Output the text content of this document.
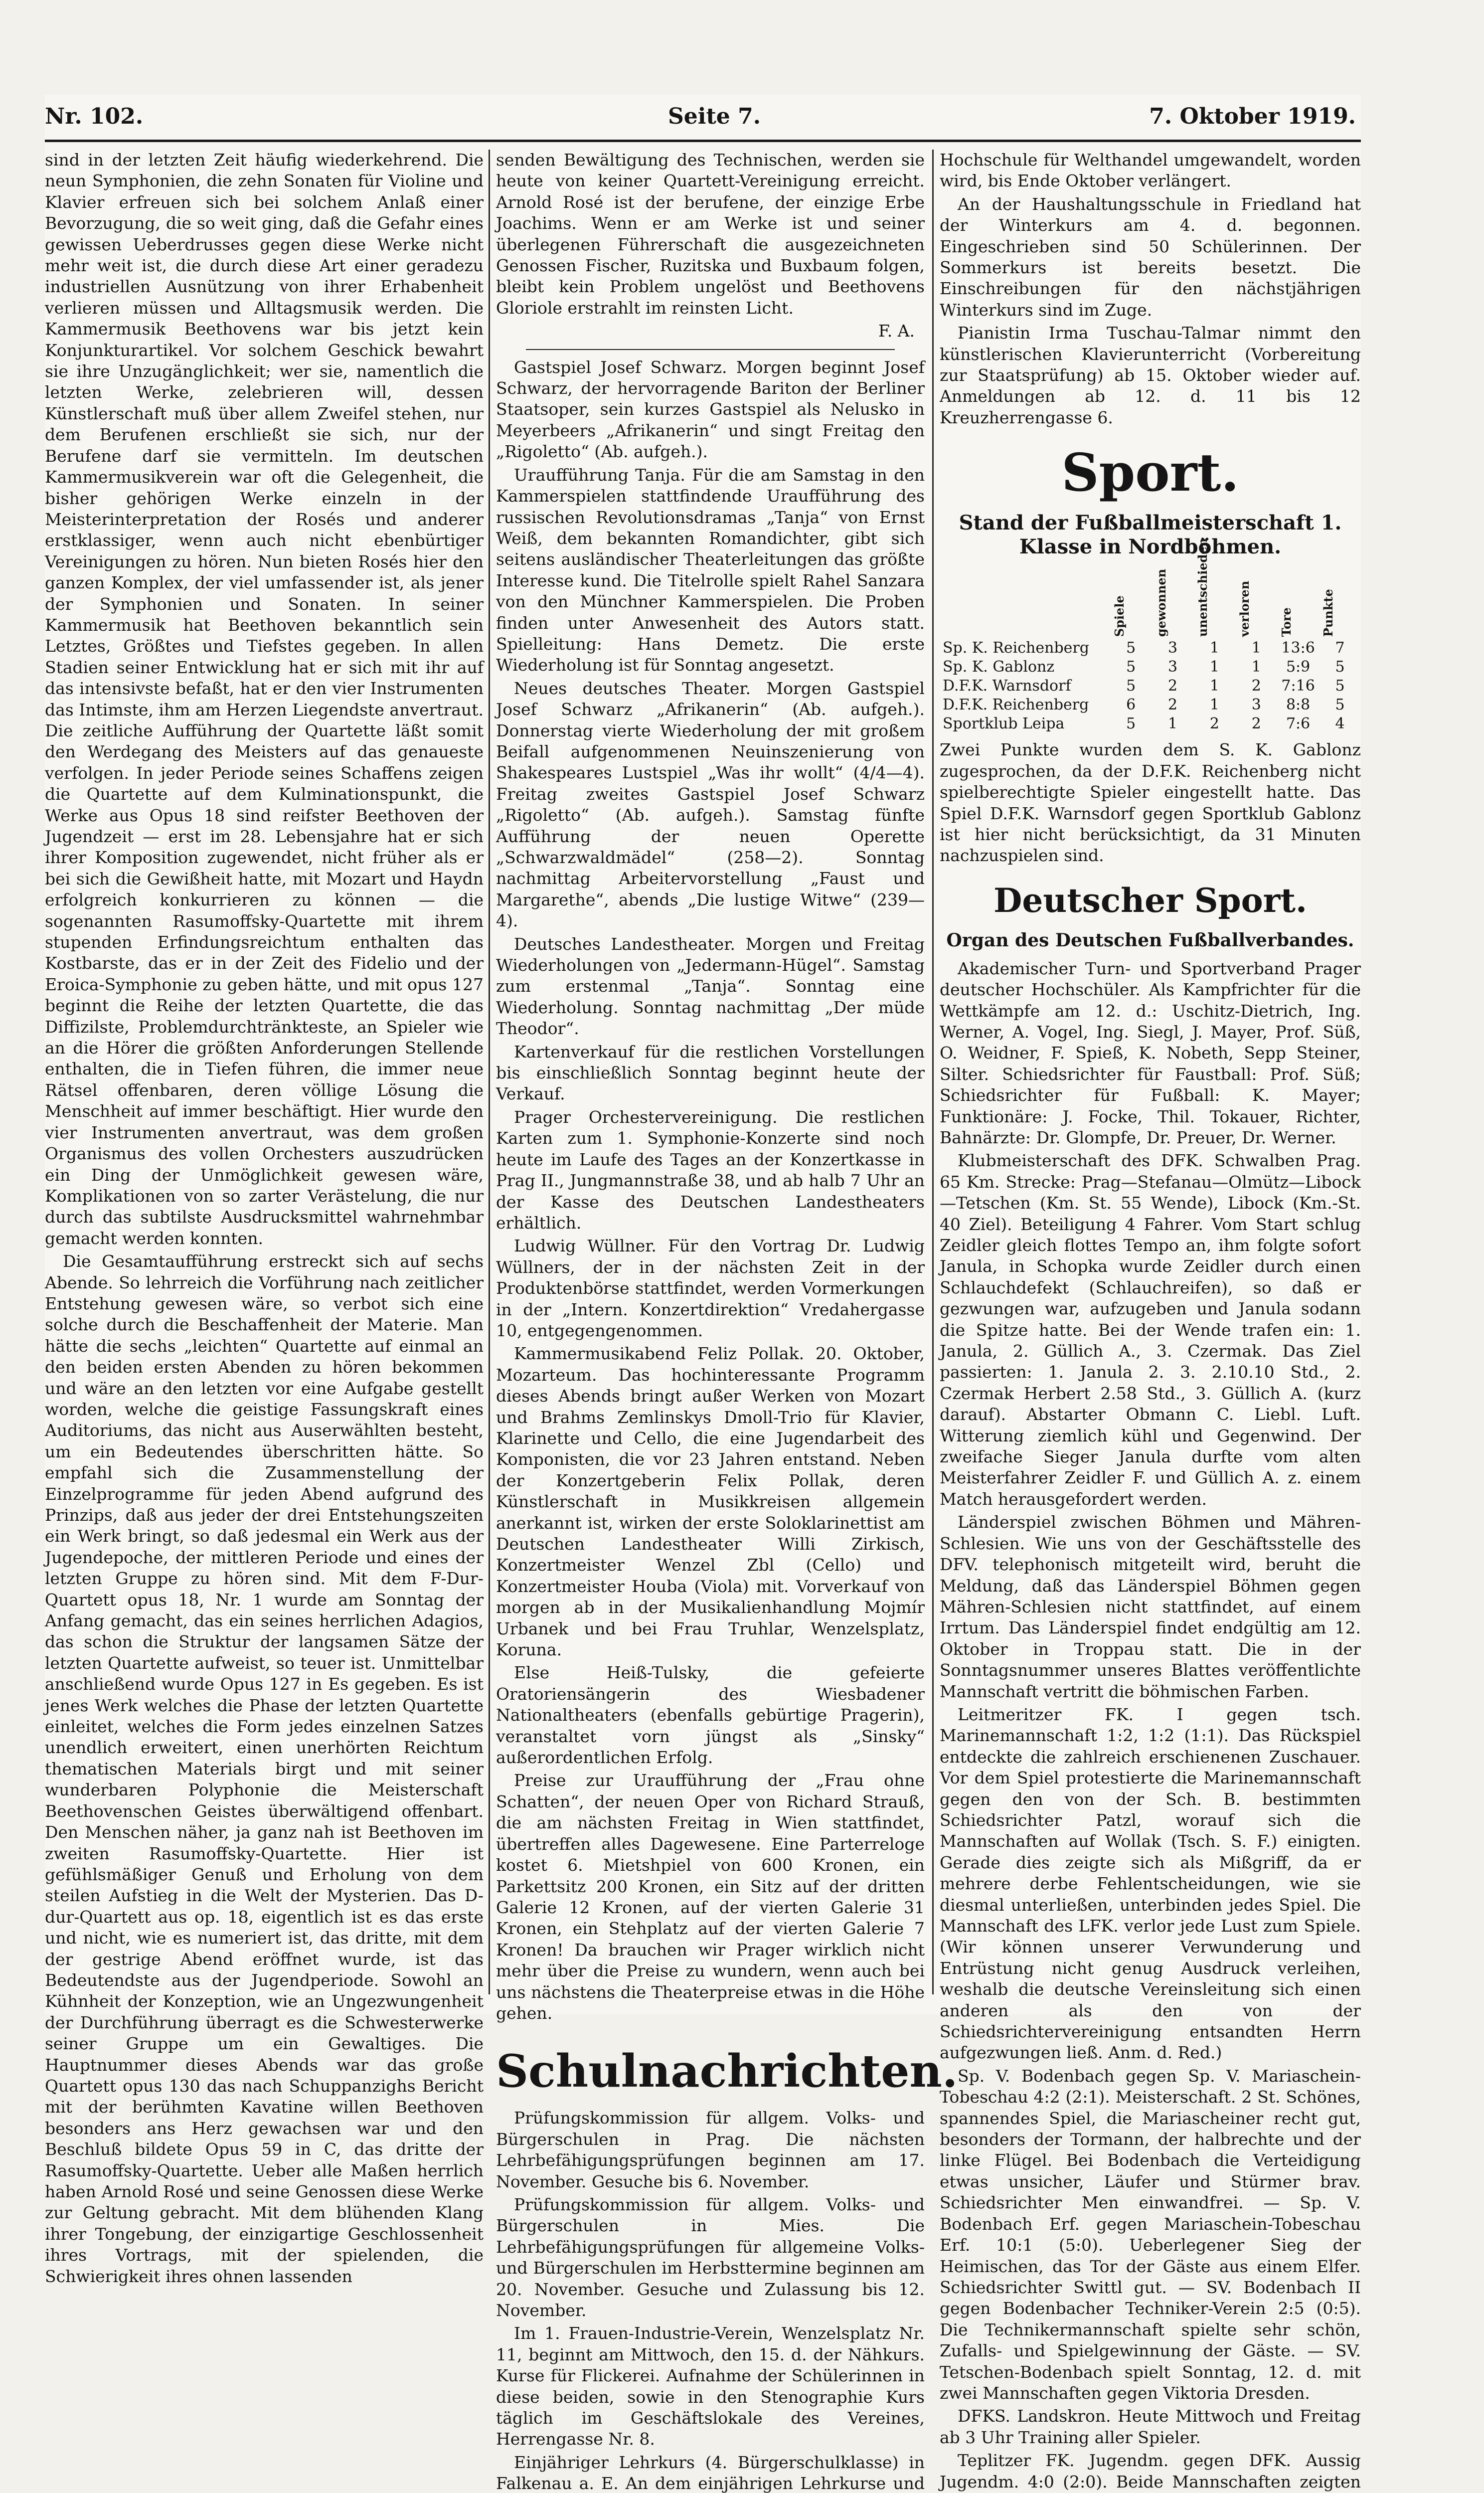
Nr. 102.	Seite 7.	7. Oktober 1919.

sind in der letzten Zeit häufig wiederkehrend. Die neun Symphonien, die zehn Sonaten für Violine und Klavier erfreuen sich bei solchem Anlaß einer Bevorzugung, die so weit ging, daß die Gefahr eines gewissen Ueberdrusses gegen diese Werke nicht mehr weit ist, die durch diese Art einer geradezu industriellen Ausnützung von ihrer Erhabenheit verlieren müssen und Alltagsmusik werden. Die Kammermusik Beethovens war bis jetzt kein Konjunkturartikel. Vor solchem Geschick bewahrt sie ihre Unzugänglichkeit; wer sie, namentlich die letzten Werke, zelebrieren will, dessen Künstlerschaft muß über allem Zweifel stehen, nur dem Berufenen erschließt sie sich, nur der Berufene darf sie vermitteln. Im deutschen Kammermusikverein war oft die Gelegenheit, die bisher gehörigen Werke einzeln in der Meisterinterpretation der Rosés und anderer erstklassiger, wenn auch nicht ebenbürtiger Vereinigungen zu hören. Nun bieten Rosés hier den ganzen Komplex, der viel umfassender ist, als jener der Symphonien und Sonaten. In seiner Kammermusik hat Beethoven bekanntlich sein Letztes, Größtes und Tiefstes gegeben. In allen Stadien seiner Entwicklung hat er sich mit ihr auf das intensivste befaßt, hat er den vier Instrumenten das Intimste, ihm am Herzen Liegendste anvertraut. Die zeitliche Aufführung der Quartette läßt somit den Werdegang des Meisters auf das genaueste verfolgen. In jeder Periode seines Schaffens zeigen die Quartette auf dem Kulminationspunkt, die Werke aus Opus 18 sind reifster Beethoven der Jugendzeit — erst im 28. Lebensjahre hat er sich ihrer Komposition zugewendet, nicht früher als er bei sich die Gewißheit hatte, mit Mozart und Haydn erfolgreich konkurrieren zu können — die sogenannten Rasumoffsky-Quartette mit ihrem stupenden Erfindungsreichtum enthalten das Kostbarste, das er in der Zeit des Fidelio und der Eroica-Symphonie zu geben hätte, und mit opus 127 beginnt die Reihe der letzten Quartette, die das Diffizilste, Problemdurchtränkteste, an Spieler wie an die Hörer die größten Anforderungen Stellende enthalten, die in Tiefen führen, die immer neue Rätsel offenbaren, deren völlige Lösung die Menschheit auf immer beschäftigt. Hier wurde den vier Instrumenten anvertraut, was dem großen Organismus des vollen Orchesters auszudrücken ein Ding der Unmöglichkeit gewesen wäre, Komplikationen von so zarter Verästelung, die nur durch das subtilste Ausdrucksmittel wahrnehmbar gemacht werden konnten.

Die Gesamtaufführung erstreckt sich auf sechs Abende. So lehrreich die Vorführung nach zeitlicher Entstehung gewesen wäre, so verbot sich eine solche durch die Beschaffenheit der Materie. Man hätte die sechs „leichten“ Quartette auf einmal an den beiden ersten Abenden zu hören bekommen und wäre an den letzten vor eine Aufgabe gestellt worden, welche die geistige Fassungskraft eines Auditoriums, das nicht aus Auserwählten besteht, um ein Bedeutendes überschritten hätte. So empfahl sich die Zusammenstellung der Einzelprogramme für jeden Abend aufgrund des Prinzips, daß aus jeder der drei Entstehungszeiten ein Werk bringt, so daß jedesmal ein Werk aus der Jugendepoche, der mittleren Periode und eines der letzten Gruppe zu hören sind. Mit dem F-Dur-Quartett opus 18, Nr. 1 wurde am Sonntag der Anfang gemacht, das ein seines herrlichen Adagios, das schon die Struktur der langsamen Sätze der letzten Quartette aufweist, so teuer ist. Unmittelbar anschließend wurde Opus 127 in Es gegeben. Es ist jenes Werk welches die Phase der letzten Quartette einleitet, welches die Form jedes einzelnen Satzes unendlich erweitert, einen unerhörten Reichtum thematischen Materials birgt und mit seiner wunderbaren Polyphonie die Meisterschaft Beethovenschen Geistes überwältigend offenbart. Den Menschen näher, ja ganz nah ist Beethoven im zweiten Rasumoffsky-Quartette. Hier ist gefühlsmäßiger Genuß und Erholung von dem steilen Aufstieg in die Welt der Mysterien. Das D-dur-Quartett aus op. 18, eigentlich ist es das erste und nicht, wie es numeriert ist, das dritte, mit dem der gestrige Abend eröffnet wurde, ist das Bedeutendste aus der Jugendperiode. Sowohl an Kühnheit der Konzeption, wie an Ungezwungenheit der Durchführung überragt es die Schwesterwerke seiner Gruppe um ein Gewaltiges. Die Hauptnummer dieses Abends war das große Quartett opus 130 das nach Schuppanzighs Bericht mit der berühmten Kavatine willen Beethoven besonders ans Herz gewachsen war und den Beschluß bildete Opus 59 in C, das dritte der Rasumoffsky-Quartette. Ueber alle Maßen herrlich haben Arnold Rosé und seine Genossen diese Werke zur Geltung gebracht. Mit dem blühenden Klang ihrer Tongebung, der einzigartige Geschlossenheit ihres Vortrags, mit der spielenden, die Schwierigkeit ihres ohnen lassenden

senden Bewältigung des Technischen, werden sie heute von keiner Quartett-Vereinigung erreicht. Arnold Rosé ist der berufene, der einzige Erbe Joachims. Wenn er am Werke ist und seiner überlegenen Führerschaft die ausgezeichneten Genossen Fischer, Ruzitska und Buxbaum folgen, bleibt kein Problem ungelöst und Beethovens Gloriole erstrahlt im reinsten Licht.

F. A.

Gastspiel Josef Schwarz. Morgen beginnt Josef Schwarz, der hervorragende Bariton der Berliner Staatsoper, sein kurzes Gastspiel als Nelusko in Meyerbeers „Afrikanerin“ und singt Freitag den „Rigoletto“ (Ab. aufgeh.).

Uraufführung Tanja. Für die am Samstag in den Kammerspielen stattfindende Uraufführung des russischen Revolutionsdramas „Tanja“ von Ernst Weiß, dem bekannten Romandichter, gibt sich seitens ausländischer Theaterleitungen das größte Interesse kund. Die Titelrolle spielt Rahel Sanzara von den Münchner Kammerspielen. Die Proben finden unter Anwesenheit des Autors statt. Spielleitung: Hans Demetz. Die erste Wiederholung ist für Sonntag angesetzt.

Neues deutsches Theater. Morgen Gastspiel Josef Schwarz „Afrikanerin“ (Ab. aufgeh.). Donnerstag vierte Wiederholung der mit großem Beifall aufgenommenen Neuinszenierung von Shakespeares Lustspiel „Was ihr wollt“ (4/4—4). Freitag zweites Gastspiel Josef Schwarz „Rigoletto“ (Ab. aufgeh.). Samstag fünfte Aufführung der neuen Operette „Schwarzwaldmädel“ (258—2). Sonntag nachmittag Arbeitervorstellung „Faust und Margarethe“, abends „Die lustige Witwe“ (239—4).

Deutsches Landestheater. Morgen und Freitag Wiederholungen von „Jedermann-Hügel“. Samstag zum erstenmal „Tanja“. Sonntag eine Wiederholung. Sonntag nachmittag „Der müde Theodor“.

Kartenverkauf für die restlichen Vorstellungen bis einschließlich Sonntag beginnt heute der Verkauf.

Prager Orchestervereinigung. Die restlichen Karten zum 1. Symphonie-Konzerte sind noch heute im Laufe des Tages an der Konzertkasse in Prag II., Jungmannstraße 38, und ab halb 7 Uhr an der Kasse des Deutschen Landestheaters erhältlich.

Ludwig Wüllner. Für den Vortrag Dr. Ludwig Wüllners, der in der nächsten Zeit in der Produktenbörse stattfindet, werden Vormerkungen in der „Intern. Konzertdirektion“ Vredahergasse 10, entgegengenommen.

Kammermusikabend Feliz Pollak. 20. Oktober, Mozarteum. Das hochinteressante Programm dieses Abends bringt außer Werken von Mozart und Brahms Zemlinskys Dmoll-Trio für Klavier, Klarinette und Cello, die eine Jugendarbeit des Komponisten, die vor 23 Jahren entstand. Neben der Konzertgeberin Felix Pollak, deren Künstlerschaft in Musikkreisen allgemein anerkannt ist, wirken der erste Soloklarinettist am Deutschen Landestheater Willi Zirkisch, Konzertmeister Wenzel Zbl (Cello) und Konzertmeister Houba (Viola) mit. Vorverkauf von morgen ab in der Musikalienhandlung Mojmír Urbanek und bei Frau Truhlar, Wenzelsplatz, Koruna.

Else Heiß-Tulsky, die gefeierte Oratoriensängerin des Wiesbadener Nationaltheaters (ebenfalls gebürtige Pragerin), veranstaltet vorn jüngst als „Sinsky“ außerordentlichen Erfolg.

Preise zur Uraufführung der „Frau ohne Schatten“, der neuen Oper von Richard Strauß, die am nächsten Freitag in Wien stattfindet, übertreffen alles Dagewesene. Eine Parterreloge kostet 6. Mietshpiel von 600 Kronen, ein Parkettsitz 200 Kronen, ein Sitz auf der dritten Galerie 12 Kronen, auf der vierten Galerie 31 Kronen, ein Stehplatz auf der vierten Galerie 7 Kronen! Da brauchen wir Prager wirklich nicht mehr über die Preise zu wundern, wenn auch bei uns nächstens die Theaterpreise etwas in die Höhe gehen.

Schulnachrichten.

Prüfungskommission für allgem. Volks- und Bürgerschulen in Prag. Die nächsten Lehrbefähigungsprüfungen beginnen am 17. November. Gesuche bis 6. November.

Prüfungskommission für allgem. Volks- und Bürgerschulen in Mies. Die Lehrbefähigungsprüfungen für allgemeine Volks- und Bürgerschulen im Herbsttermine beginnen am 20. November. Gesuche und Zulassung bis 12. November.

Im 1. Frauen-Industrie-Verein, Wenzelsplatz Nr. 11, beginnt am Mittwoch, den 15. d. der Nähkurs. Kurse für Flickerei. Aufnahme der Schülerinnen in diese beiden, sowie in den Stenographie Kurs täglich im Geschäftslokale des Vereines, Herrengasse Nr. 8.

Einjähriger Lehrkurs (4. Bürgerschulklasse) in Falkenau a. E. An dem einjährigen Lehrkurse und

Hochschule für Welthandel umgewandelt, worden wird, bis Ende Oktober verlängert.

An der Haushaltungsschule in Friedland hat der Winterkurs am 4. d. begonnen. Eingeschrieben sind 50 Schülerinnen. Der Sommerkurs ist bereits besetzt. Die Einschreibungen für den nächstjährigen Winterkurs sind im Zuge.

Pianistin Irma Tuschau-Talmar nimmt den künstlerischen Klavierunterricht (Vorbereitung zur Staatsprüfung) ab 15. Oktober wieder auf. Anmeldungen ab 12. d. 11 bis 12 Kreuzherrengasse 6.

Sport.
Stand der Fußballmeisterschaft 1. Klasse in Nordböhmen.
	Spiele	gewonnen	unentschieden	verloren	Tore	Punkte
Sp. K. Reichenberg	5	3	1	1	13:6	7
Sp. K. Gablonz	5	3	1	1	5:9	5
D.F.K. Warnsdorf	5	2	1	2	7:16	5
D.F.K. Reichenberg	6	2	1	3	8:8	5
Sportklub Leipa	5	1	2	2	7:6	4

Zwei Punkte wurden dem S. K. Gablonz zugesprochen, da der D.F.K. Reichenberg nicht spielberechtigte Spieler eingestellt hatte. Das Spiel D.F.K. Warnsdorf gegen Sportklub Gablonz ist hier nicht berücksichtigt, da 31 Minuten nachzuspielen sind.

Deutscher Sport.
Organ des Deutschen Fußballverbandes.

Akademischer Turn- und Sportverband Prager deutscher Hochschüler. Als Kampfrichter für die Wettkämpfe am 12. d.: Uschitz-Dietrich, Ing. Werner, A. Vogel, Ing. Siegl, J. Mayer, Prof. Süß, O. Weidner, F. Spieß, K. Nobeth, Sepp Steiner, Silter. Schiedsrichter für Faustball: Prof. Süß; Schiedsrichter für Fußball: K. Mayer; Funktionäre: J. Focke, Thil. Tokauer, Richter, Bahnärzte: Dr. Glompfe, Dr. Preuer, Dr. Werner.

Klubmeisterschaft des DFK. Schwalben Prag. 65 Km. Strecke: Prag—Stefanau—Olmütz—Libock—Tetschen (Km. St. 55 Wende), Libock (Km.-St. 40 Ziel). Beteiligung 4 Fahrer. Vom Start schlug Zeidler gleich flottes Tempo an, ihm folgte sofort Janula, in Schopka wurde Zeidler durch einen Schlauchdefekt (Schlauchreifen), so daß er gezwungen war, aufzugeben und Janula sodann die Spitze hatte. Bei der Wende trafen ein: 1. Janula, 2. Güllich A., 3. Czermak. Das Ziel passierten: 1. Janula 2. 3. 2.10.10 Std., 2. Czermak Herbert 2.58 Std., 3. Güllich A. (kurz darauf). Abstarter Obmann C. Liebl. Luft. Witterung ziemlich kühl und Gegenwind. Der zweifache Sieger Janula durfte vom alten Meisterfahrer Zeidler F. und Güllich A. z. einem Match herausgefordert werden.

Länderspiel zwischen Böhmen und Mähren-Schlesien. Wie uns von der Geschäftsstelle des DFV. telephonisch mitgeteilt wird, beruht die Meldung, daß das Länderspiel Böhmen gegen Mähren-Schlesien nicht stattfindet, auf einem Irrtum. Das Länderspiel findet endgültig am 12. Oktober in Troppau statt. Die in der Sonntagsnummer unseres Blattes veröffentlichte Mannschaft vertritt die böhmischen Farben.

Leitmeritzer FK. I gegen tsch. Marinemannschaft 1:2, 1:2 (1:1). Das Rückspiel entdeckte die zahlreich erschienenen Zuschauer. Vor dem Spiel protestierte die Marinemannschaft gegen den von der Sch. B. bestimmten Schiedsrichter Patzl, worauf sich die Mannschaften auf Wollak (Tsch. S. F.) einigten. Gerade dies zeigte sich als Mißgriff, da er mehrere derbe Fehlentscheidungen, wie sie diesmal unterließen, unterbinden jedes Spiel. Die Mannschaft des LFK. verlor jede Lust zum Spiele. (Wir können unserer Verwunderung und Entrüstung nicht genug Ausdruck verleihen, weshalb die deutsche Vereinsleitung sich einen anderen als den von der Schiedsrichtervereinigung entsandten Herrn aufgezwungen ließ. Anm. d. Red.)

Sp. V. Bodenbach gegen Sp. V. Mariaschein-Tobeschau 4:2 (2:1). Meisterschaft. 2 St. Schönes, spannendes Spiel, die Mariascheiner recht gut, besonders der Tormann, der halbrechte und der linke Flügel. Bei Bodenbach die Verteidigung etwas unsicher, Läufer und Stürmer brav. Schiedsrichter Men einwandfrei. — Sp. V. Bodenbach Erf. gegen Mariaschein-Tobeschau Erf. 10:1 (5:0). Ueberlegener Sieg der Heimischen, das Tor der Gäste aus einem Elfer. Schiedsrichter Swittl gut. — SV. Bodenbach II gegen Bodenbacher Techniker-Verein 2:5 (0:5). Die Technikermannschaft spielte sehr schön, Zufalls- und Spielgewinnung der Gäste. — SV. Tetschen-Bodenbach spielt Sonntag, 12. d. mit zwei Mannschaften gegen Viktoria Dresden.

DFKS. Landskron. Heute Mittwoch und Freitag ab 3 Uhr Training aller Spieler.

Teplitzer FK. Jugendm. gegen DFK. Aussig Jugendm. 4:0 (2:0). Beide Mannschaften zeigten
